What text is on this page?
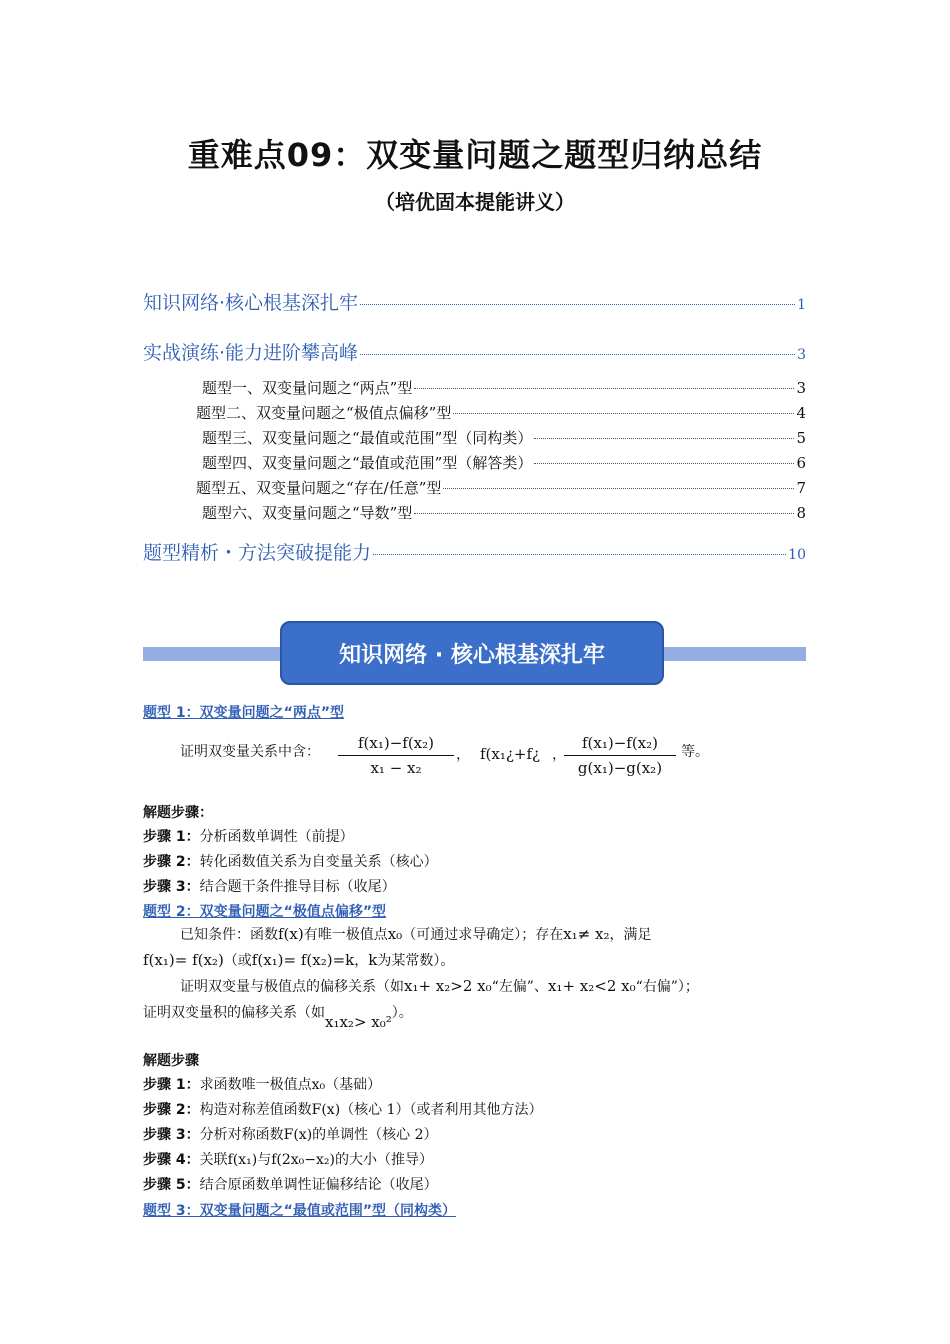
重难点09：双变量问题之题型归纳总结
（培优固本提能讲义）
知识网络·核心根基深扎牢	1
实战演练·能力进阶攀高峰	3
题型一、双变量问题之“两点”型	3
题型二、双变量问题之“极值点偏移”型	4
题型三、双变量问题之“最值或范围”型（同构类）	5
题型四、双变量问题之“最值或范围”型（解答类）	6
题型五、双变量问题之“存在/任意”型	7
题型六、双变量问题之“导数”型	8
题型精析・方法突破提能力	10
知识网络 · 核心根基深扎牢
题型 1：双变量问题之“两点”型
证明双变量关系中含：	f(x₁)−f(x₂)
x₁ − x₂
， f(x₁¿+f¿ ，
f(x₁)−f(x₂)
g(x₁)−g(x₂)
等。
解题步骤：
步骤 1：分析函数单调性（前提）
步骤 2：转化函数值关系为自变量关系（核心）
步骤 3：结合题干条件推导目标（收尾）
题型 2：双变量问题之“极值点偏移”型
已知条件：函数f(x)有唯一极值点x₀（可通过求导确定）；存在x₁≠ x₂，满足
f(x₁)= f(x₂)（或f(x₁)= f(x₂)=k，k为某常数）。
证明双变量与极值点的偏移关系（如x₁+ x₂>2 x₀“左偏”、x₁+ x₂<2 x₀“右偏”）；
证明双变量积的偏移关系（如x₁x₂> x₀²）。
解题步骤
步骤 1：求函数唯一极值点x₀（基础）
步骤 2：构造对称差值函数F(x)（核心 1）（或者利用其他方法）
步骤 3：分析对称函数F(x)的单调性（核心 2）
步骤 4：关联f(x₁)与f(2x₀−x₂)的大小（推导）
步骤 5：结合原函数单调性证偏移结论（收尾）
题型 3：双变量问题之“最值或范围”型（同构类）
